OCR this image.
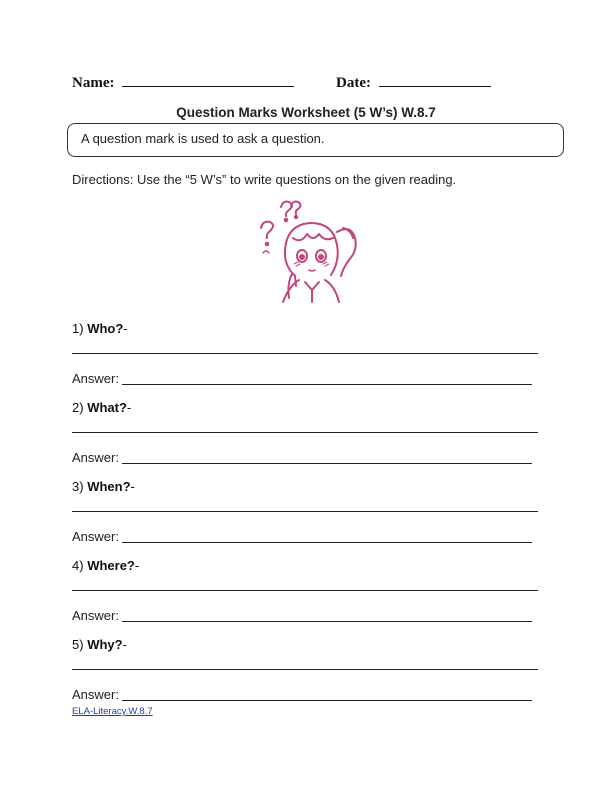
Name:	Date:
Question Marks Worksheet (5 W’s) W.8.7
A question mark is used to ask a question.
Directions: Use the “5 W’s” to write questions on the given reading.
1) Who?-
Answer:
2) What?-
Answer:
3) When?-
Answer:
4) Where?-
Answer:
5) Why?-
Answer:
ELA-Literacy.W.8.7
